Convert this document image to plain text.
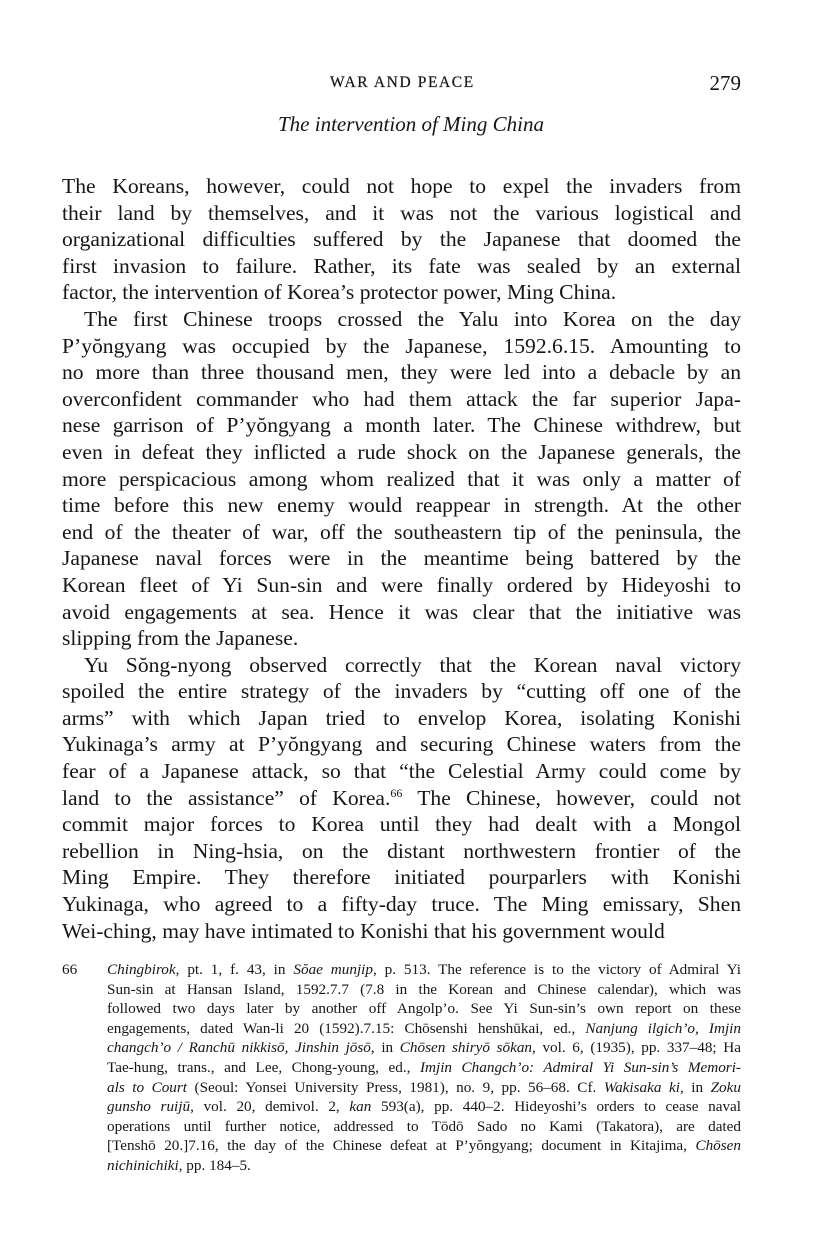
WAR AND PEACE	279
The intervention of Ming China
The Koreans, however, could not hope to expel the invaders from
their land by themselves, and it was not the various logistical and
organizational difficulties suffered by the Japanese that doomed the
first invasion to failure. Rather, its fate was sealed by an external
factor, the intervention of Korea’s protector power, Ming China.
The first Chinese troops crossed the Yalu into Korea on the day
P’yŏngyang was occupied by the Japanese, 1592.6.15. Amounting to
no more than three thousand men, they were led into a debacle by an
overconfident commander who had them attack the far superior Japa-
nese garrison of P’yŏngyang a month later. The Chinese withdrew, but
even in defeat they inflicted a rude shock on the Japanese generals, the
more perspicacious among whom realized that it was only a matter of
time before this new enemy would reappear in strength. At the other
end of the theater of war, off the southeastern tip of the peninsula, the
Japanese naval forces were in the meantime being battered by the
Korean fleet of Yi Sun-sin and were finally ordered by Hideyoshi to
avoid engagements at sea. Hence it was clear that the initiative was
slipping from the Japanese.
Yu Sŏng-nyong observed correctly that the Korean naval victory
spoiled the entire strategy of the invaders by “cutting off one of the
arms” with which Japan tried to envelop Korea, isolating Konishi
Yukinaga’s army at P’yŏngyang and securing Chinese waters from the
fear of a Japanese attack, so that “the Celestial Army could come by
land to the assistance” of Korea.$^{66}$ The Chinese, however, could not
commit major forces to Korea until they had dealt with a Mongol
rebellion in Ning-hsia, on the distant northwestern frontier of the
Ming Empire. They therefore initiated pourparlers with Konishi
Yukinaga, who agreed to a fifty-day truce. The Ming emissary, Shen
Wei-ching, may have intimated to Konishi that his government would
66 Chingbirok, pt. 1, f. 43, in Sŏae munjip, p. 513. The reference is to the victory of Admiral Yi
Sun-sin at Hansan Island, 1592.7.7 (7.8 in the Korean and Chinese calendar), which was
followed two days later by another off Angolp’o. See Yi Sun-sin’s own report on these
engagements, dated Wan-li 20 (1592).7.15: Chōsenshi henshūkai, ed., Nanjung ilgich’o, Imjin
changch’o / Ranchū nikkisō, Jinshin jōsō, in Chōsen shiryō sōkan, vol. 6, (1935), pp. 337–48; Ha
Tae-hung, trans., and Lee, Chong-young, ed., Imjin Changch’o: Admiral Yi Sun-sin’s Memori-
als to Court (Seoul: Yonsei University Press, 1981), no. 9, pp. 56–68. Cf. Wakisaka ki, in Zoku
gunsho ruijū, vol. 20, demivol. 2, kan 593(a), pp. 440–2. Hideyoshi’s orders to cease naval
operations until further notice, addressed to Tōdō Sado no Kami (Takatora), are dated
[Tenshō 20.]7.16, the day of the Chinese defeat at P’yŏngyang; document in Kitajima, Chōsen
nichinichiki, pp. 184–5.
